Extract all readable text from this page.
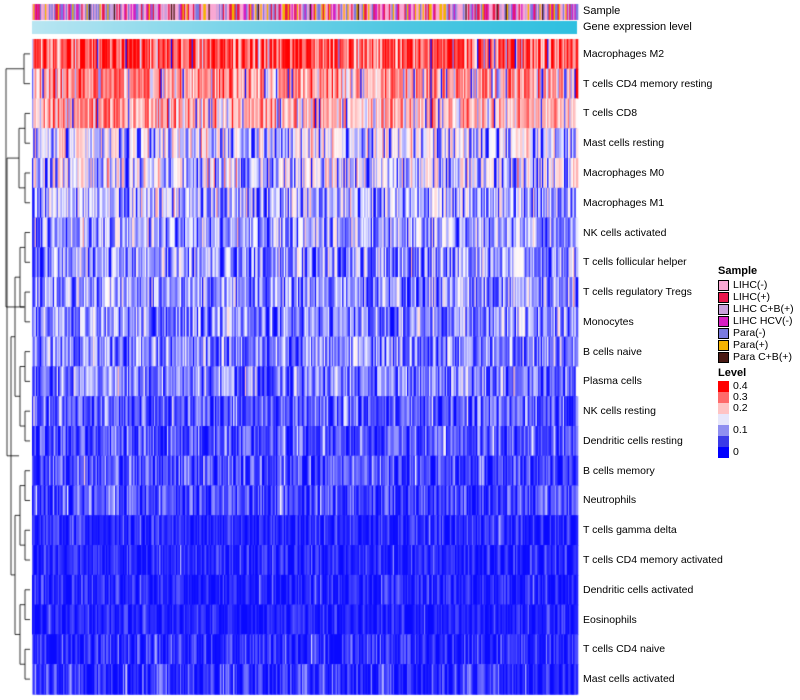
Sample
Gene expression level
Macrophages M2
T cells CD4 memory resting
T cells CD8
Mast cells resting
Macrophages M0
Macrophages M1
NK cells activated
T cells follicular helper
T cells regulatory Tregs
Monocytes
B cells naive
Plasma cells
NK cells resting
Dendritic cells resting
B cells memory
Neutrophils
T cells gamma delta
T cells CD4 memory activated
Dendritic cells activated
Eosinophils
T cells CD4 naive
Mast cells activated
Sample
LIHC(-)
LIHC(+)
LIHC C+B(+)
LIHC HCV(-)
Para(-)
Para(+)
Para C+B(+)
Level
0.4
0.3
0.2
0.1
0
